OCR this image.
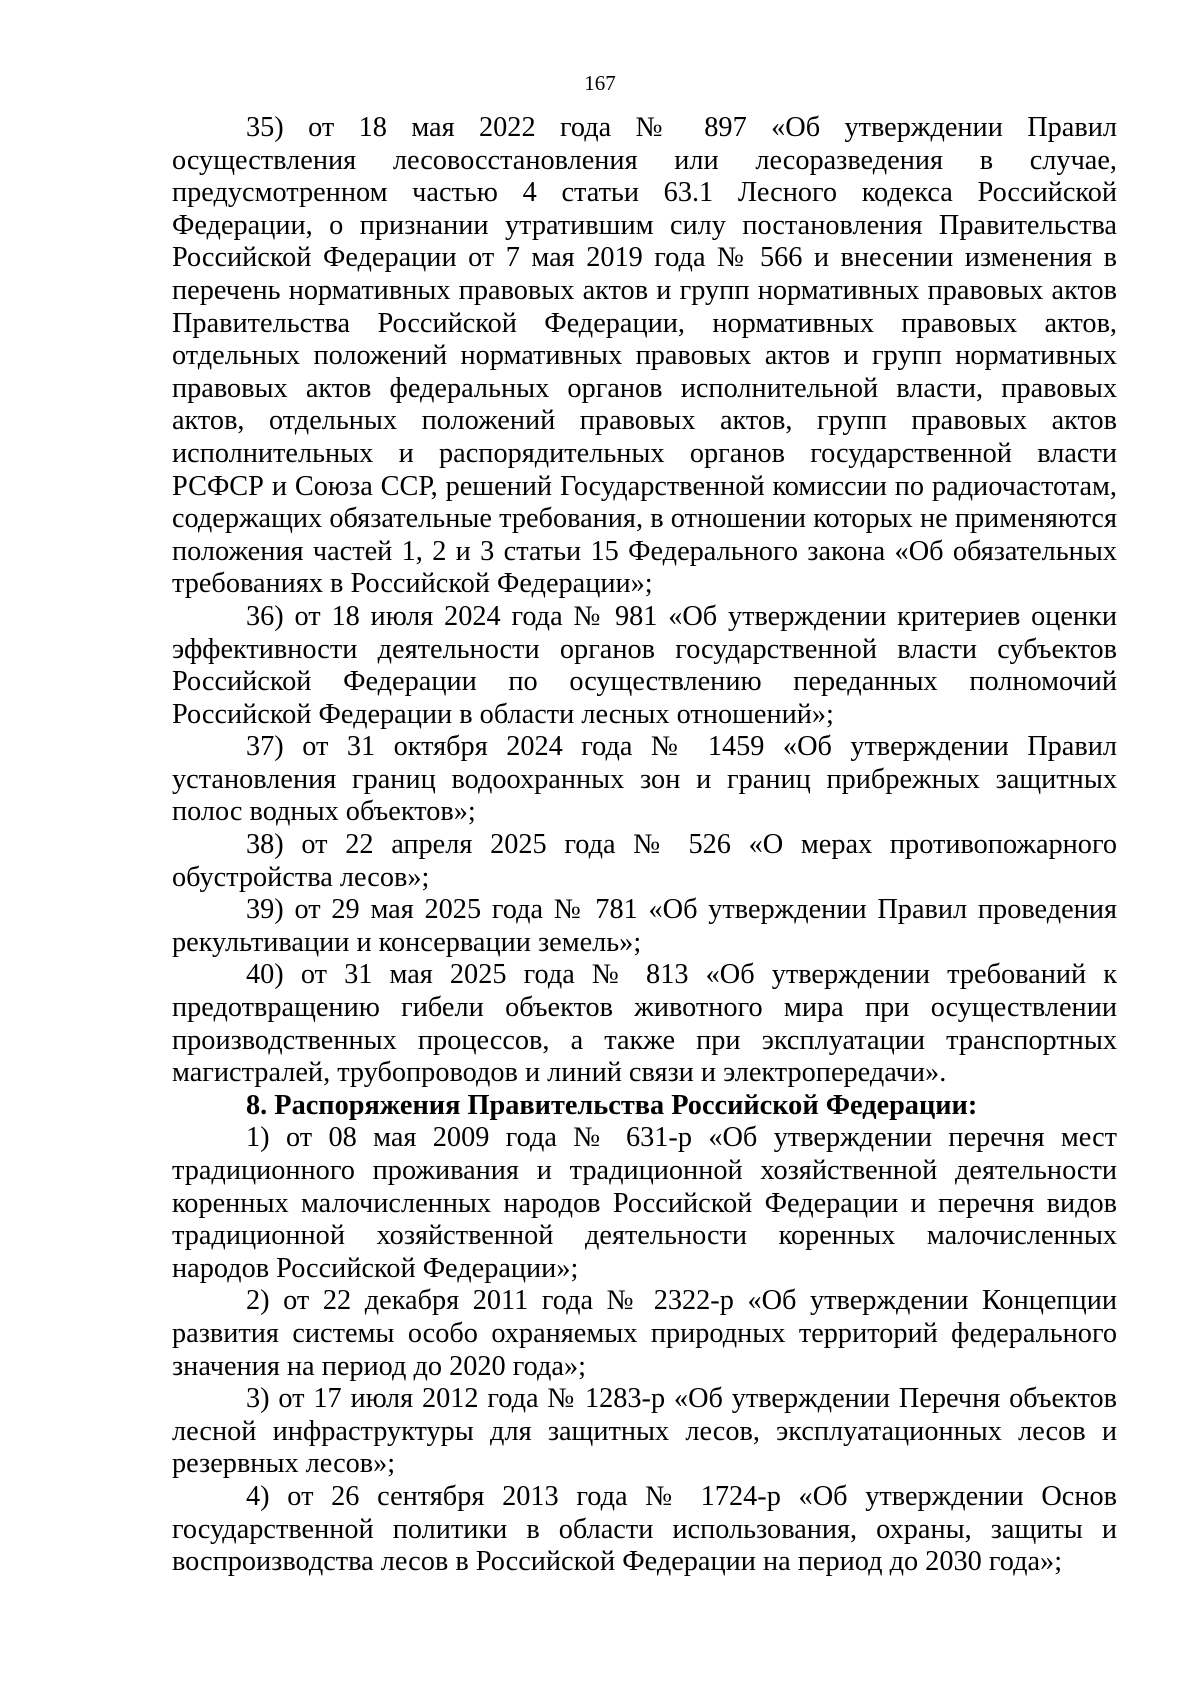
167

35) от 18 мая 2022 года № 897 «Об утверждении Правил осуществления лесовосстановления или лесоразведения в случае, предусмотренном частью 4 статьи 63.1 Лесного кодекса Российской Федерации, о признании утратившим силу постановления Правительства Российской Федерации от 7 мая 2019 года № 566 и внесении изменения в перечень нормативных правовых актов и групп нормативных правовых актов Правительства Российской Федерации, нормативных правовых актов, отдельных положений нормативных правовых актов и групп нормативных правовых актов федеральных органов исполнительной власти, правовых актов, отдельных положений правовых актов, групп правовых актов исполнительных и распорядительных органов государственной власти РСФСР и Союза ССР, решений Государственной комиссии по радиочастотам, содержащих обязательные требования, в отношении которых не применяются положения частей 1, 2 и 3 статьи 15 Федерального закона «Об обязательных требованиях в Российской Федерации»;

36) от 18 июля 2024 года № 981 «Об утверждении критериев оценки эффективности деятельности органов государственной власти субъектов Российской Федерации по осуществлению переданных полномочий Российской Федерации в области лесных отношений»;

37) от 31 октября 2024 года № 1459 «Об утверждении Правил установления границ водоохранных зон и границ прибрежных защитных полос водных объектов»;

38) от 22 апреля 2025 года № 526 «О мерах противопожарного обустройства лесов»;

39) от 29 мая 2025 года № 781 «Об утверждении Правил проведения рекультивации и консервации земель»;

40) от 31 мая 2025 года № 813 «Об утверждении требований к предотвращению гибели объектов животного мира при осуществлении производственных процессов, а также при эксплуатации транспортных магистралей, трубопроводов и линий связи и электропередачи».

8. Распоряжения Правительства Российской Федерации:

1) от 08 мая 2009 года № 631-р «Об утверждении перечня мест традиционного проживания и традиционной хозяйственной деятельности коренных малочисленных народов Российской Федерации и перечня видов традиционной хозяйственной деятельности коренных малочисленных народов Российской Федерации»;

2) от 22 декабря 2011 года № 2322-р «Об утверждении Концепции развития системы особо охраняемых природных территорий федерального значения на период до 2020 года»;

3) от 17 июля 2012 года № 1283-р «Об утверждении Перечня объектов лесной инфраструктуры для защитных лесов, эксплуатационных лесов и резервных лесов»;

4) от 26 сентября 2013 года № 1724-р «Об утверждении Основ государственной политики в области использования, охраны, защиты и воспроизводства лесов в Российской Федерации на период до 2030 года»;
